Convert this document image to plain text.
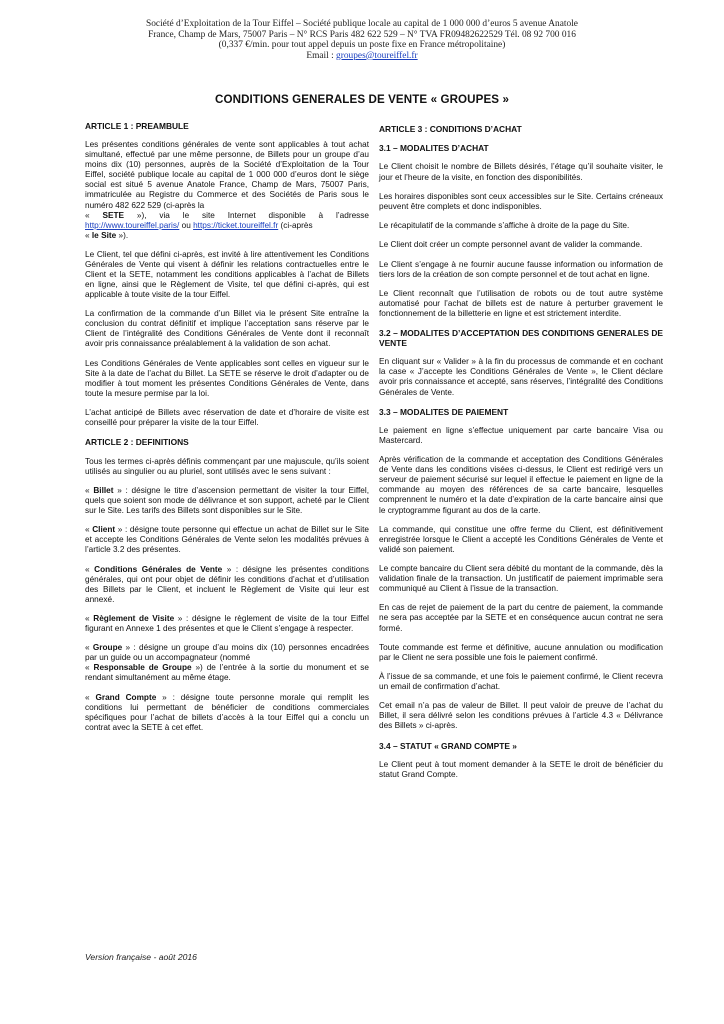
Société d’Exploitation de la Tour Eiffel – Société publique locale au capital de 1 000 000 d’euros 5 avenue Anatole
France, Champ de Mars, 75007 Paris – N° RCS Paris 482 622 529 – N° TVA FR09482622529 Tél. 08 92 700 016
(0,337 €/min. pour tout appel depuis un poste fixe en France métropolitaine)
Email : groupes@toureiffel.fr
CONDITIONS GENERALES DE VENTE « GROUPES »
ARTICLE 1 : PREAMBULE

Les présentes conditions générales de vente sont applicables à tout achat simultané, effectué par une même personne, de Billets pour un groupe d’au moins dix (10) personnes, auprès de la Société d’Exploitation de la Tour Eiffel, société publique locale au capital de 1 000 000 d’euros dont le siège social est situé 5 avenue Anatole France, Champ de Mars, 75007 Paris, immatriculée au Registre du Commerce et des Sociétés de Paris sous le numéro 482 622 529 (ci-après la

« SETE »), via le site Internet disponible à l’adresse http://www.toureiffel.paris/ ou https://ticket.toureiffel.fr (ci-après

« le Site »).

Le Client, tel que défini ci-après, est invité à lire attentivement les Conditions Générales de Vente qui visent à définir les relations contractuelles entre le Client et la SETE, notamment les conditions applicables à l’achat de Billets en ligne, ainsi que le Règlement de Visite, tel que défini ci-après, qui est applicable à toute visite de la tour Eiffel.

La confirmation de la commande d’un Billet via le présent Site entraîne la conclusion du contrat définitif et implique l’acceptation sans réserve par le Client de l’intégralité des Conditions Générales de Vente dont il reconnaît avoir pris connaissance préalablement à la validation de son achat.

Les Conditions Générales de Vente applicables sont celles en vigueur sur le Site à la date de l’achat du Billet. La SETE se réserve le droit d’adapter ou de modifier à tout moment les présentes Conditions Générales de Vente, dans toute la mesure permise par la loi.

L’achat anticipé de Billets avec réservation de date et d’horaire de visite est conseillé pour préparer la visite de la tour Eiffel.

ARTICLE 2 : DEFINITIONS

Tous les termes ci-après définis commençant par une majuscule, qu’ils soient utilisés au singulier ou au pluriel, sont utilisés avec le sens suivant :

« Billet » : désigne le titre d’ascension permettant de visiter la tour Eiffel, quels que soient son mode de délivrance et son support, acheté par le Client sur le Site. Les tarifs des Billets sont disponibles sur le Site.

« Client » : désigne toute personne qui effectue un achat de Billet sur le Site et accepte les Conditions Générales de Vente selon les modalités prévues à l’article 3.2 des présentes.

« Conditions Générales de Vente » : désigne les présentes conditions générales, qui ont pour objet de définir les conditions d’achat et d’utilisation des Billets par le Client, et incluent le Règlement de Visite qui leur est annexé.

« Règlement de Visite » : désigne le règlement de visite de la tour Eiffel figurant en Annexe 1 des présentes et que le Client s’engage à respecter.

« Groupe » : désigne un groupe d’au moins dix (10) personnes encadrées par un guide ou un accompagnateur (nommé
« Responsable de Groupe ») de l’entrée à la sortie du monument et se rendant simultanément au même étage.

« Grand Compte » : désigne toute personne morale qui remplit les conditions lui permettant de bénéficier de conditions commerciales spécifiques pour l’achat de billets d’accès à la tour Eiffel qui a conclu un contrat avec la SETE à cet effet.

ARTICLE 3 : CONDITIONS D’ACHAT
3.1 – MODALITES D’ACHAT

Le Client choisit le nombre de Billets désirés, l’étage qu’il souhaite visiter, le jour et l’heure de la visite, en fonction des disponibilités.

Les horaires disponibles sont ceux accessibles sur le Site. Certains créneaux peuvent être complets et donc indisponibles.

Le récapitulatif de la commande s’affiche à droite de la page du Site.

Le Client doit créer un compte personnel avant de valider la commande.

Le Client s’engage à ne fournir aucune fausse information ou information de tiers lors de la création de son compte personnel et de tout achat en ligne.

Le Client reconnaît que l’utilisation de robots ou de tout autre système automatisé pour l’achat de billets est de nature à perturber gravement le fonctionnement de la billetterie en ligne et est strictement interdite.

3.2 – MODALITES D’ACCEPTATION DES CONDITIONS GENERALES DE VENTE

En cliquant sur « Valider » à la fin du processus de commande et en cochant la case « J’accepte les Conditions Générales de Vente », le Client déclare avoir pris connaissance et accepté, sans réserves, l’intégralité des Conditions Générales de Vente.

3.3 – MODALITES DE PAIEMENT

Le paiement en ligne s’effectue uniquement par carte bancaire Visa ou Mastercard.

Après vérification de la commande et acceptation des Conditions Générales de Vente dans les conditions visées ci-dessus, le Client est redirigé vers un serveur de paiement sécurisé sur lequel il effectue le paiement en ligne de la commande au moyen des références de sa carte bancaire, lesquelles comprennent le numéro et la date d’expiration de la carte bancaire ainsi que le cryptogramme figurant au dos de la carte.

La commande, qui constitue une offre ferme du Client, est définitivement enregistrée lorsque le Client a accepté les Conditions Générales de Vente et validé son paiement.

Le compte bancaire du Client sera débité du montant de la commande, dès la validation finale de la transaction. Un justificatif de paiement imprimable sera communiqué au Client à l’issue de la transaction.

En cas de rejet de paiement de la part du centre de paiement, la commande ne sera pas acceptée par la SETE et en conséquence aucun contrat ne sera formé.

Toute commande est ferme et définitive, aucune annulation ou modification par le Client ne sera possible une fois le paiement confirmé.

À l’issue de sa commande, et une fois le paiement confirmé, le Client recevra un email de confirmation d’achat.

Cet email n’a pas de valeur de Billet. Il peut valoir de preuve de l’achat du Billet, il sera délivré selon les conditions prévues à l’article 4.3 « Délivrance des Billets » ci-après.

3.4 – STATUT « GRAND COMPTE »

Le Client peut à tout moment demander à la SETE le droit de bénéficier du statut Grand Compte.

Version française - août 2016
